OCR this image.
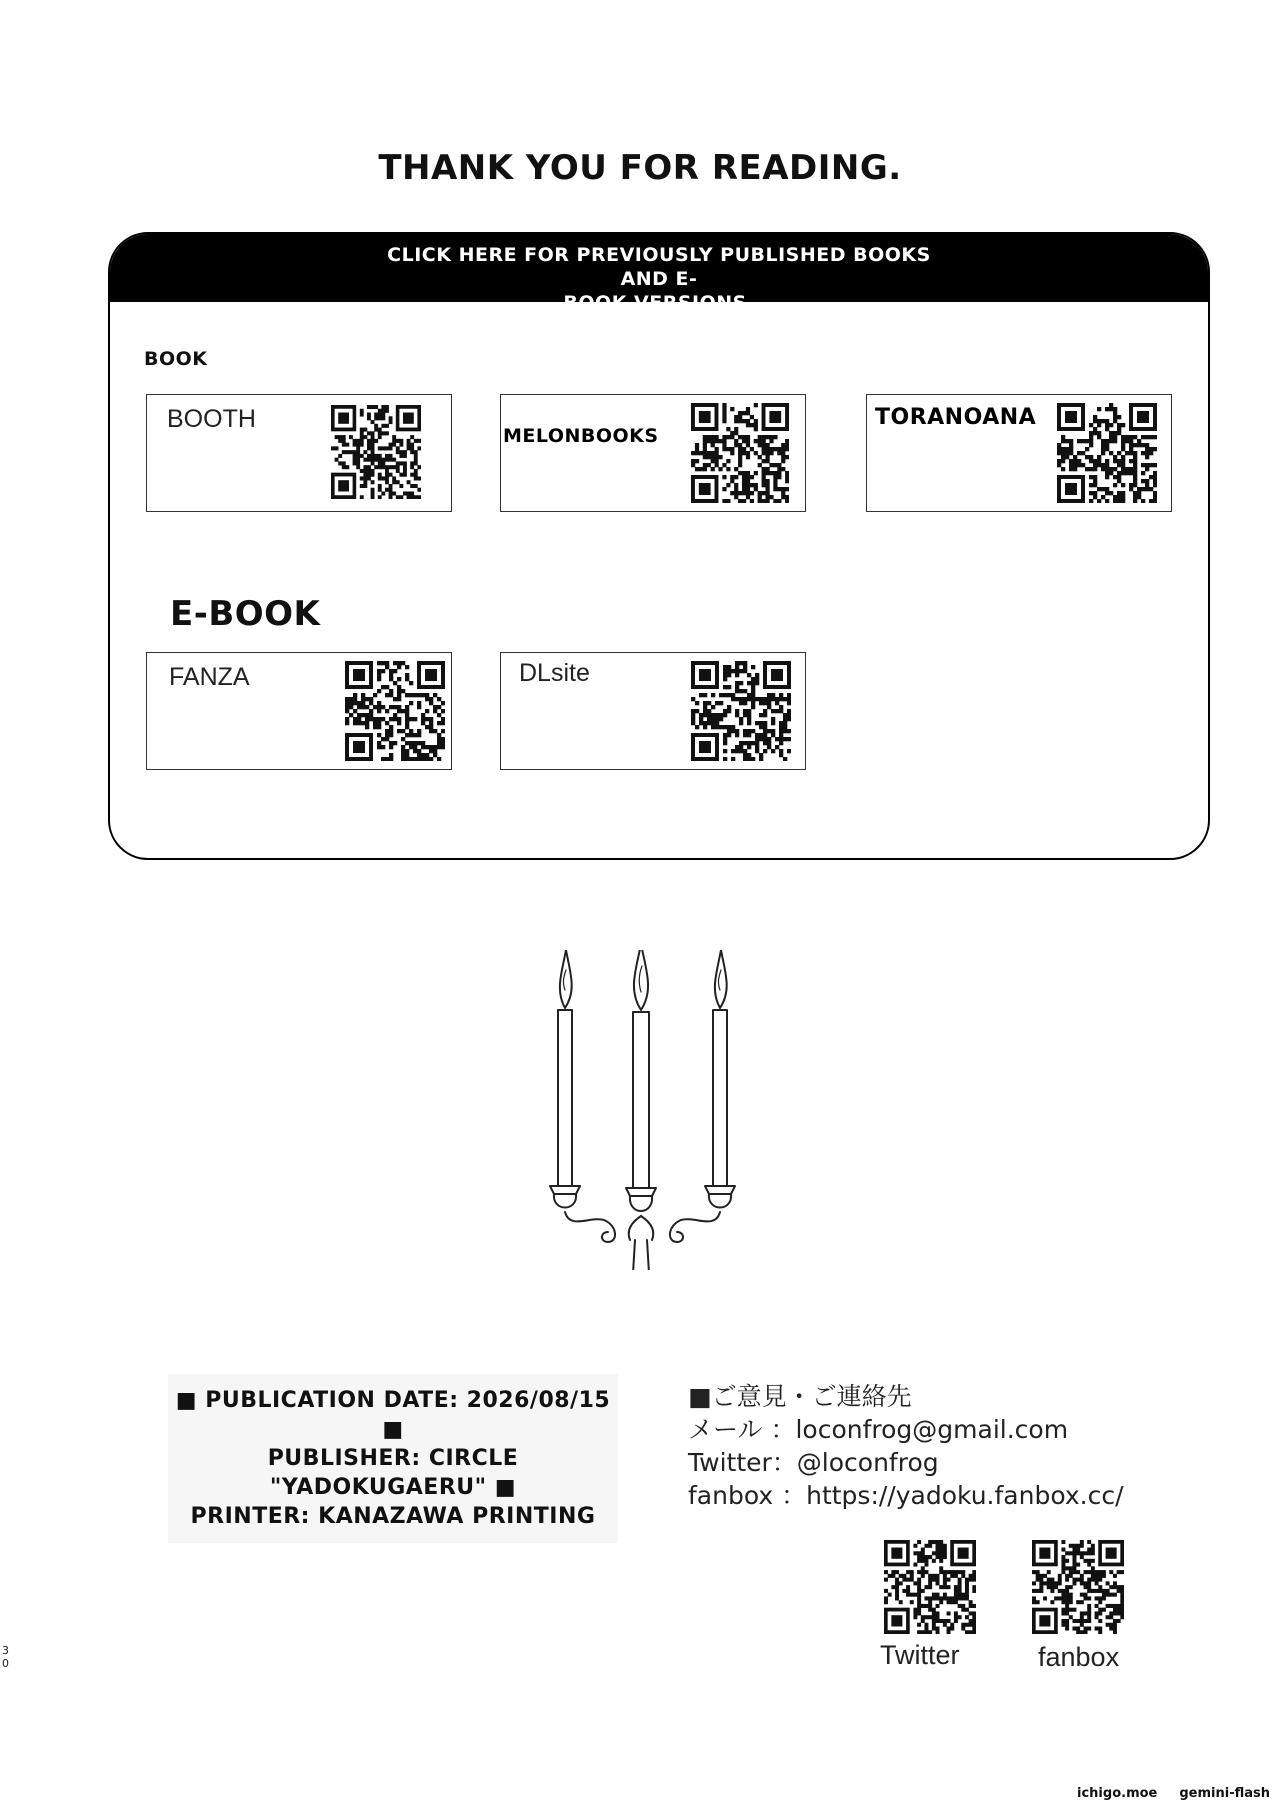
THANK YOU FOR READING.
CLICK HERE FOR PREVIOUSLY PUBLISHED BOOKS AND E-
BOOK VERSIONS.
BOOK
E-BOOK
BOOTH
MELONBOOKS
TORANOANA
FANZA	DLsite
■ PUBLICATION DATE: 2026/08/15 ■
PUBLISHER: CIRCLE "YADOKUGAERU" ■
PRINTER: KANAZAWA PRINTING
■ご意見・ご連絡先
メール ：loconfrog@gmail.com
Twitter：@loconfrog
fanbox ：https://yadoku.fanbox.cc/
Twitter	fanbox
3
0
ichigo.moe gemini-flash
